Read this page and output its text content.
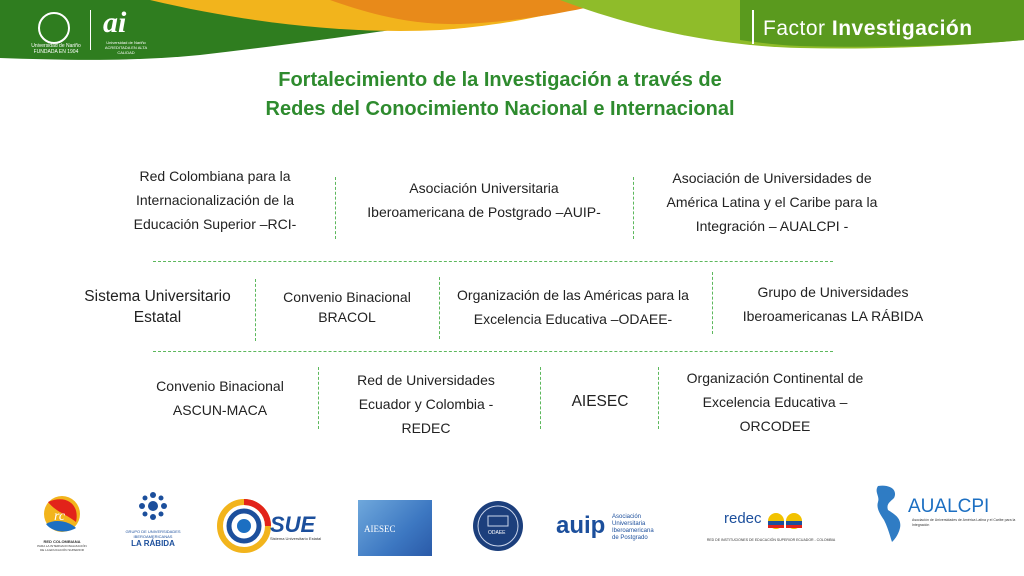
Universidad de Nariño
FUNDADA EN 1904
ai
Universidad de Nariño ACREDITADA EN ALTA CALIDAD
Factor Investigación
Fortalecimiento de la Investigación a través de
Redes del Conocimiento Nacional e Internacional
Red Colombiana para la
Internacionalización de la
Educación Superior –RCI-
Asociación Universitaria
Iberoamericana de Postgrado –AUIP-
Asociación de Universidades de
América Latina y el Caribe para la
Integración – AUALCPI -
Sistema Universitario
Estatal
Convenio Binacional
BRACOL
Organización de las Américas para la
Excelencia Educativa –ODAEE-
Grupo de Universidades
Iberoamericanas LA RÁBIDA
Convenio Binacional
ASCUN-MACA
Red de Universidades
Ecuador y Colombia -
REDEC
AIESEC
Organización Continental de
Excelencia Educativa –
ORCODEE
rc
RED COLOMBIANA
PARA LA INTERNACIONALIZACIÓN DE LA EDUCACIÓN SUPERIOR
GRUPO DE UNIVERSIDADES IBEROAMERICANAS
LA RÁBIDA
SUE
Sistema Universitario Estatal
AIESEC	ODAEE auip Asociación
Universitaria
Iberoamericana
de Postgrado
redec
RED DE INSTITUCIONES DE EDUCACIÓN SUPERIOR ECUADOR - COLOMBIA
AUALCPI
Asociación de Universidades de América Latina y el Caribe para la Integración
